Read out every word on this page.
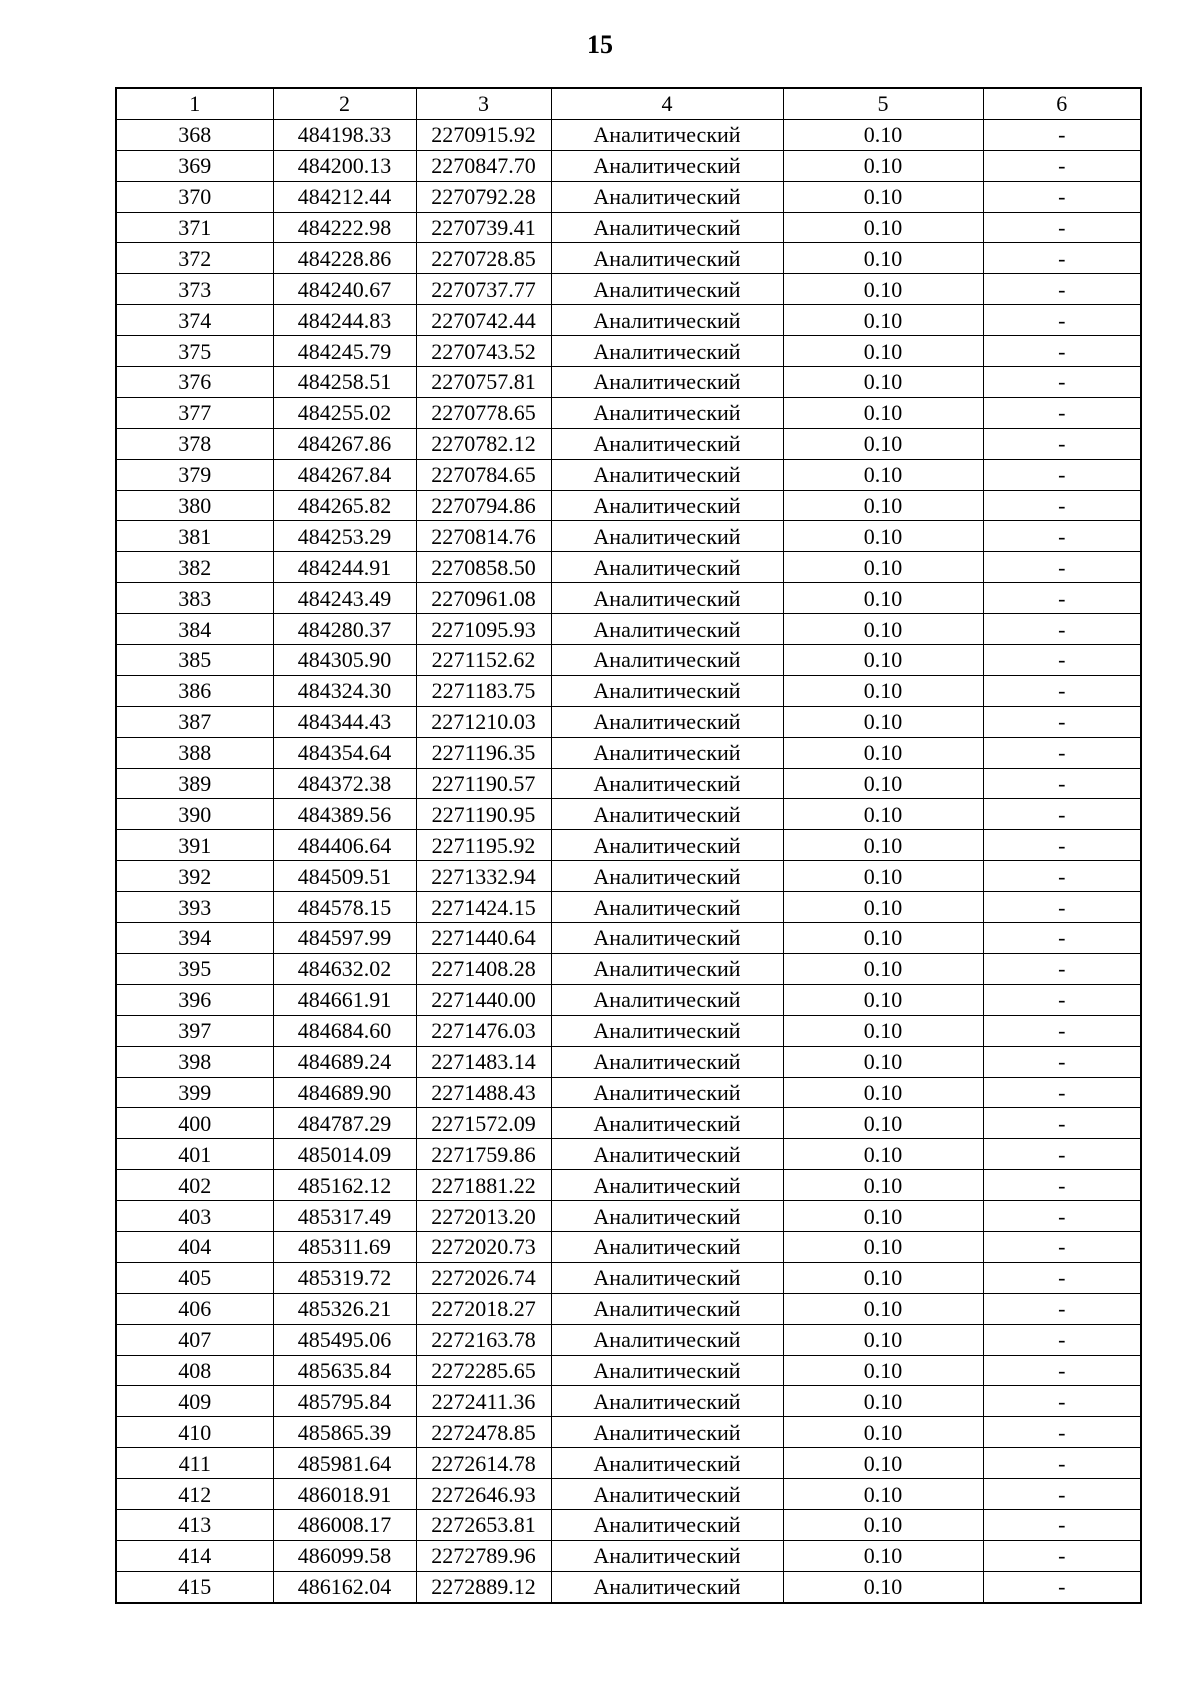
15
1	2	3	4	5	6
368	484198.33	2270915.92	Аналитический	0.10	-
369	484200.13	2270847.70	Аналитический	0.10	-
370	484212.44	2270792.28	Аналитический	0.10	-
371	484222.98	2270739.41	Аналитический	0.10	-
372	484228.86	2270728.85	Аналитический	0.10	-
373	484240.67	2270737.77	Аналитический	0.10	-
374	484244.83	2270742.44	Аналитический	0.10	-
375	484245.79	2270743.52	Аналитический	0.10	-
376	484258.51	2270757.81	Аналитический	0.10	-
377	484255.02	2270778.65	Аналитический	0.10	-
378	484267.86	2270782.12	Аналитический	0.10	-
379	484267.84	2270784.65	Аналитический	0.10	-
380	484265.82	2270794.86	Аналитический	0.10	-
381	484253.29	2270814.76	Аналитический	0.10	-
382	484244.91	2270858.50	Аналитический	0.10	-
383	484243.49	2270961.08	Аналитический	0.10	-
384	484280.37	2271095.93	Аналитический	0.10	-
385	484305.90	2271152.62	Аналитический	0.10	-
386	484324.30	2271183.75	Аналитический	0.10	-
387	484344.43	2271210.03	Аналитический	0.10	-
388	484354.64	2271196.35	Аналитический	0.10	-
389	484372.38	2271190.57	Аналитический	0.10	-
390	484389.56	2271190.95	Аналитический	0.10	-
391	484406.64	2271195.92	Аналитический	0.10	-
392	484509.51	2271332.94	Аналитический	0.10	-
393	484578.15	2271424.15	Аналитический	0.10	-
394	484597.99	2271440.64	Аналитический	0.10	-
395	484632.02	2271408.28	Аналитический	0.10	-
396	484661.91	2271440.00	Аналитический	0.10	-
397	484684.60	2271476.03	Аналитический	0.10	-
398	484689.24	2271483.14	Аналитический	0.10	-
399	484689.90	2271488.43	Аналитический	0.10	-
400	484787.29	2271572.09	Аналитический	0.10	-
401	485014.09	2271759.86	Аналитический	0.10	-
402	485162.12	2271881.22	Аналитический	0.10	-
403	485317.49	2272013.20	Аналитический	0.10	-
404	485311.69	2272020.73	Аналитический	0.10	-
405	485319.72	2272026.74	Аналитический	0.10	-
406	485326.21	2272018.27	Аналитический	0.10	-
407	485495.06	2272163.78	Аналитический	0.10	-
408	485635.84	2272285.65	Аналитический	0.10	-
409	485795.84	2272411.36	Аналитический	0.10	-
410	485865.39	2272478.85	Аналитический	0.10	-
411	485981.64	2272614.78	Аналитический	0.10	-
412	486018.91	2272646.93	Аналитический	0.10	-
413	486008.17	2272653.81	Аналитический	0.10	-
414	486099.58	2272789.96	Аналитический	0.10	-
415	486162.04	2272889.12	Аналитический	0.10	-
